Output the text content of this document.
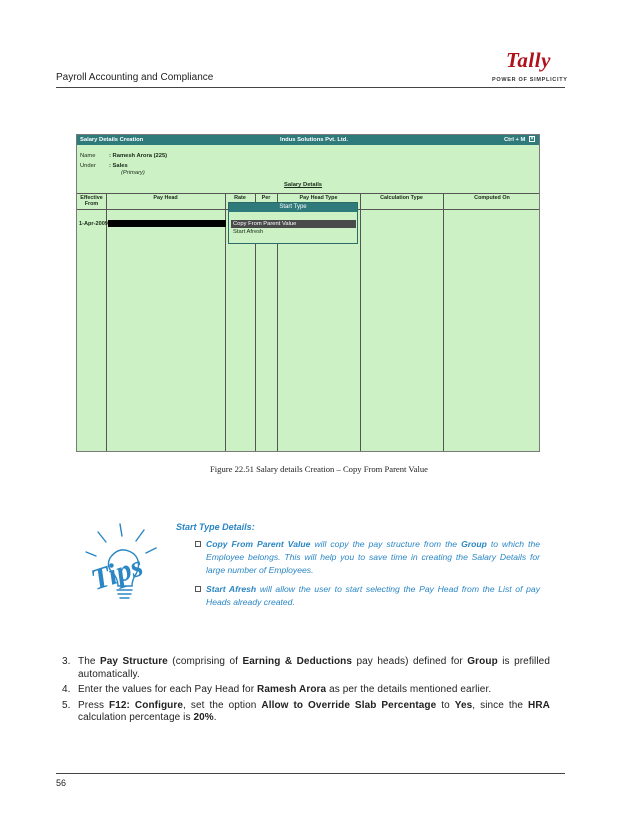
Payroll Accounting and Compliance
Tally
POWER OF SIMPLICITY
Salary Details Creation	Indus Solutions Pvt. Ltd.	Ctrl + M ×
Name : Ramesh Arora (225)
Under : Sales
(Primary)
Salary Details
Effective
From
Pay Head	Rate	Per	Pay Head Type	Calculation Type	Computed On
1-Apr-2009
Start Type
Copy From Parent Value
Start Afresh
Figure 22.51 Salary details Creation – Copy From Parent Value
Tips
Start Type Details:
Copy From Parent Value will copy the pay structure from the Group to which the Employee belongs. This will help you to save time in creating the Salary Details for large number of Employees.
Start Afresh will allow the user to start selecting the Pay Head from the List of pay Heads already created.
3. The Pay Structure (comprising of Earning & Deductions pay heads) defined for Group is prefilled automatically.
4. Enter the values for each Pay Head for Ramesh Arora as per the details mentioned earlier.
5. Press F12: Configure, set the option Allow to Override Slab Percentage to Yes, since the HRA calculation percentage is 20%.
56
